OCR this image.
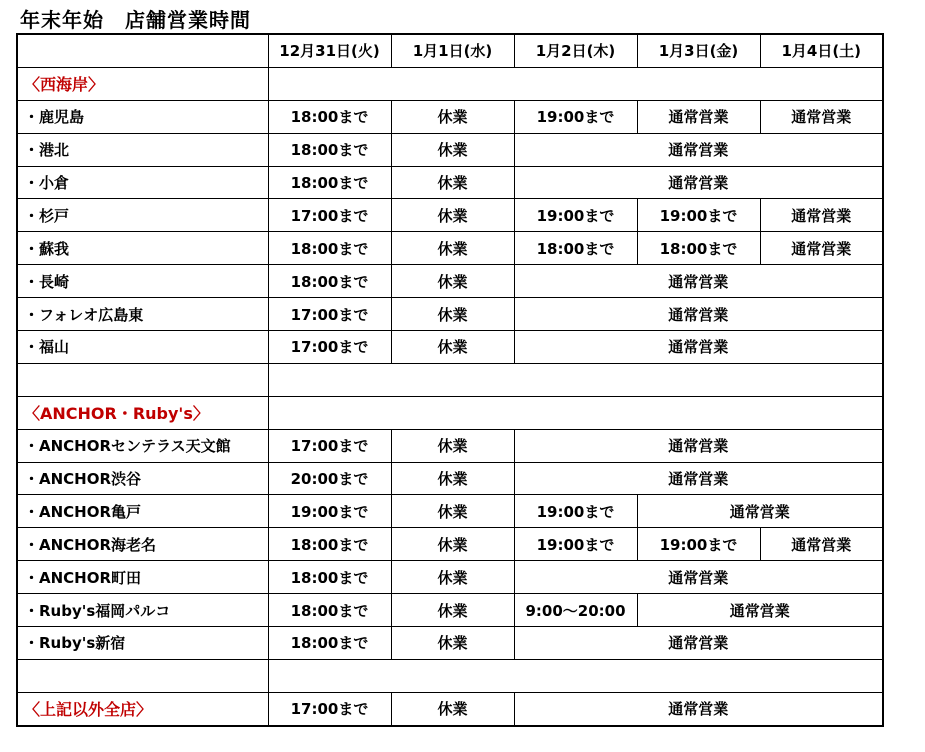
年末年始　店舗営業時間
	12月31日(火)	1月1日(水)	1月2日(木)	1月3日(金)	1月4日(土)
〈西海岸〉					
・鹿児島	18:00まで	休業	19:00まで	通常営業	通常営業
・港北	18:00まで	休業	通常営業		
・小倉	18:00まで	休業	通常営業		
・杉戸	17:00まで	休業	19:00まで	19:00まで	通常営業
・蘇我	18:00まで	休業	18:00まで	18:00まで	通常営業
・長崎	18:00まで	休業	通常営業		
・フォレオ広島東	17:00まで	休業	通常営業		
・福山	17:00まで	休業	通常営業		

〈ANCHOR・Ruby's〉					
・ANCHORセンテラス天文館	17:00まで	休業	通常営業		
・ANCHOR渋谷	20:00まで	休業	通常営業		
・ANCHOR亀戸	19:00まで	休業	19:00まで	通常営業	
・ANCHOR海老名	18:00まで	休業	19:00まで	19:00まで	通常営業
・ANCHOR町田	18:00まで	休業	通常営業		
・Ruby's福岡パルコ	18:00まで	休業	9:00～20:00	通常営業	
・Ruby's新宿	18:00まで	休業	通常営業		

〈上記以外全店〉	17:00まで	休業	通常営業		
